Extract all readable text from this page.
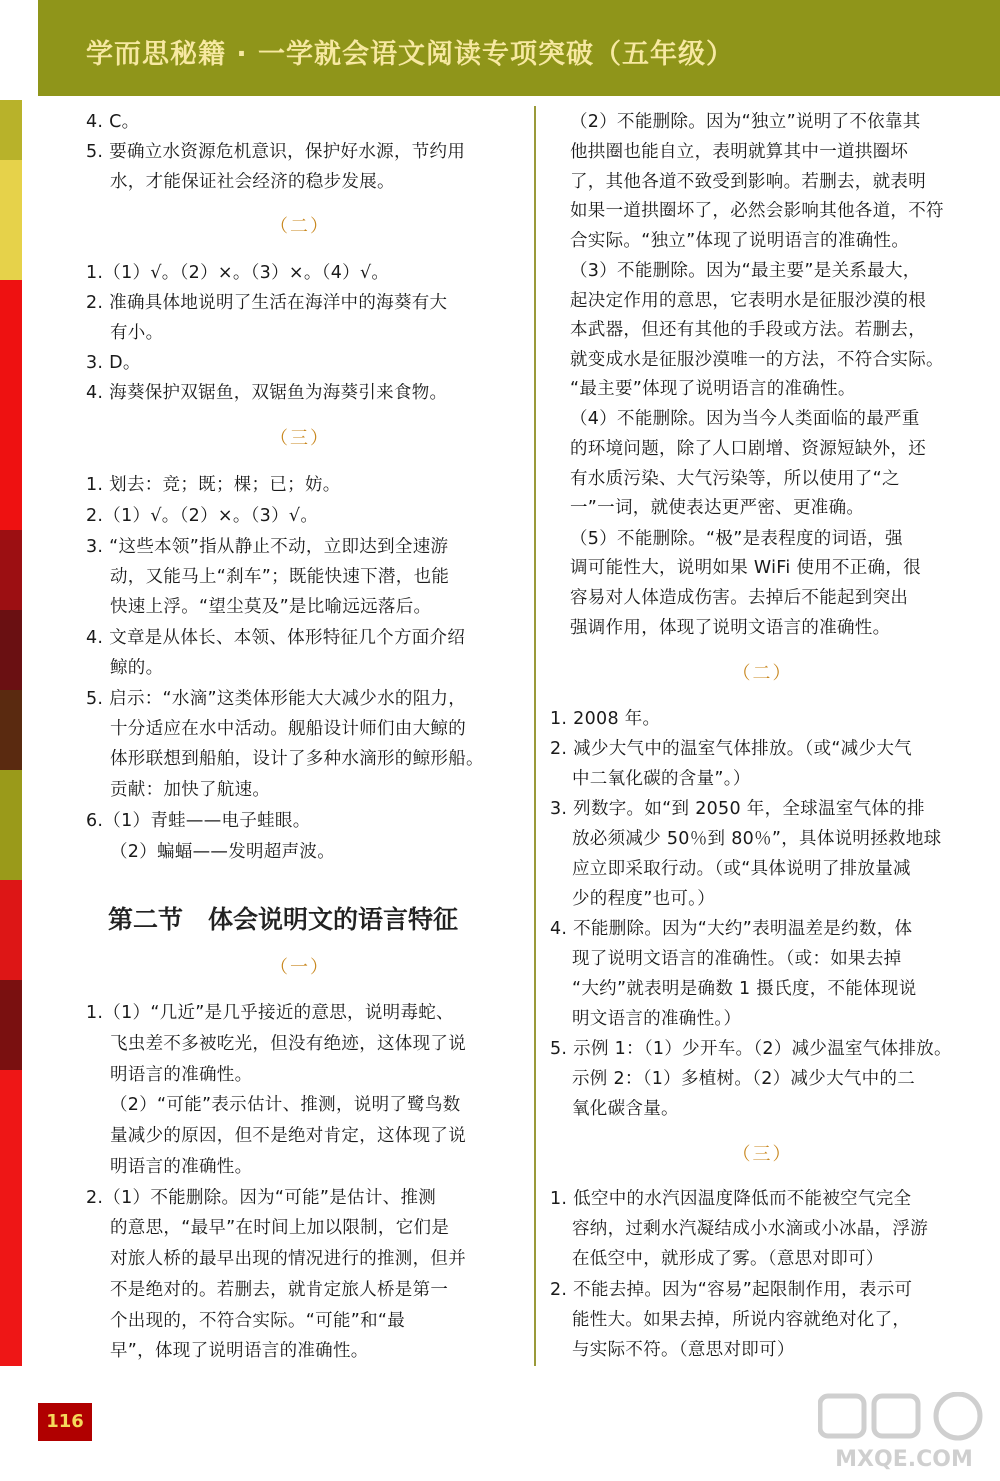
学而思秘籍 · 一学就会语文阅读专项突破（五年级）
4. C。
5. 要确立水资源危机意识，保护好水源，节约用
水，才能保证社会经济的稳步发展。
（二）
1.（1）√。（2）×。（3）×。（4）√。
2. 准确具体地说明了生活在海洋中的海葵有大
有小。
3. D。
4. 海葵保护双锯鱼，双锯鱼为海葵引来食物。
（三）
1. 划去：竞；既；棵；已；妨。
2.（1）√。（2）×。（3）√。
3. “这些本领”指从静止不动，立即达到全速游
动，又能马上“刹车”；既能快速下潜，也能
快速上浮。“望尘莫及”是比喻远远落后。
4. 文章是从体长、本领、体形特征几个方面介绍
鲸的。
5. 启示：“水滴”这类体形能大大减少水的阻力，
十分适应在水中活动。舰船设计师们由大鲸的
体形联想到船舶，设计了多种水滴形的鲸形船。
贡献：加快了航速。
6.（1）青蛙——电子蛙眼。
（2）蝙蝠——发明超声波。
第二节　体会说明文的语言特征
（一）
1.（1）“几近”是几乎接近的意思，说明毒蛇、
飞虫差不多被吃光，但没有绝迹，这体现了说
明语言的准确性。
（2）“可能”表示估计、推测，说明了鹭鸟数
量减少的原因，但不是绝对肯定，这体现了说
明语言的准确性。
2.（1）不能删除。因为“可能”是估计、推测
的意思，“最早”在时间上加以限制，它们是
对旅人桥的最早出现的情况进行的推测，但并
不是绝对的。若删去，就肯定旅人桥是第一
个出现的，不符合实际。“可能”和“最
早”，体现了说明语言的准确性。
（2）不能删除。因为“独立”说明了不依靠其
他拱圈也能自立，表明就算其中一道拱圈坏
了，其他各道不致受到影响。若删去，就表明
如果一道拱圈坏了，必然会影响其他各道，不符
合实际。“独立”体现了说明语言的准确性。
（3）不能删除。因为“最主要”是关系最大，
起决定作用的意思，它表明水是征服沙漠的根
本武器，但还有其他的手段或方法。若删去，
就变成水是征服沙漠唯一的方法，不符合实际。
“最主要”体现了说明语言的准确性。
（4）不能删除。因为当今人类面临的最严重
的环境问题，除了人口剧增、资源短缺外，还
有水质污染、大气污染等，所以使用了“之
一”一词，就使表达更严密、更准确。
（5）不能删除。“极”是表程度的词语，强
调可能性大，说明如果 WiFi 使用不正确，很
容易对人体造成伤害。去掉后不能起到突出
强调作用，体现了说明文语言的准确性。
（二）
1. 2008 年。
2. 减少大气中的温室气体排放。（或“减少大气
中二氧化碳的含量”。）
3. 列数字。如“到 2050 年，全球温室气体的排
放必须减少 50％到 80％”，具体说明拯救地球
应立即采取行动。（或“具体说明了排放量减
少的程度”也可。）
4. 不能删除。因为“大约”表明温差是约数，体
现了说明文语言的准确性。（或：如果去掉
“大约”就表明是确数 1 摄氏度，不能体现说
明文语言的准确性。）
5. 示例 1：（1）少开车。（2）减少温室气体排放。
示例 2：（1）多植树。（2）减少大气中的二
氧化碳含量。
（三）
1. 低空中的水汽因温度降低而不能被空气完全
容纳，过剩水汽凝结成小水滴或小冰晶，浮游
在低空中，就形成了雾。（意思对即可）
2. 不能去掉。因为“容易”起限制作用，表示可
能性大。如果去掉，所说内容就绝对化了，
与实际不符。（意思对即可）
116
MXQE.COM
